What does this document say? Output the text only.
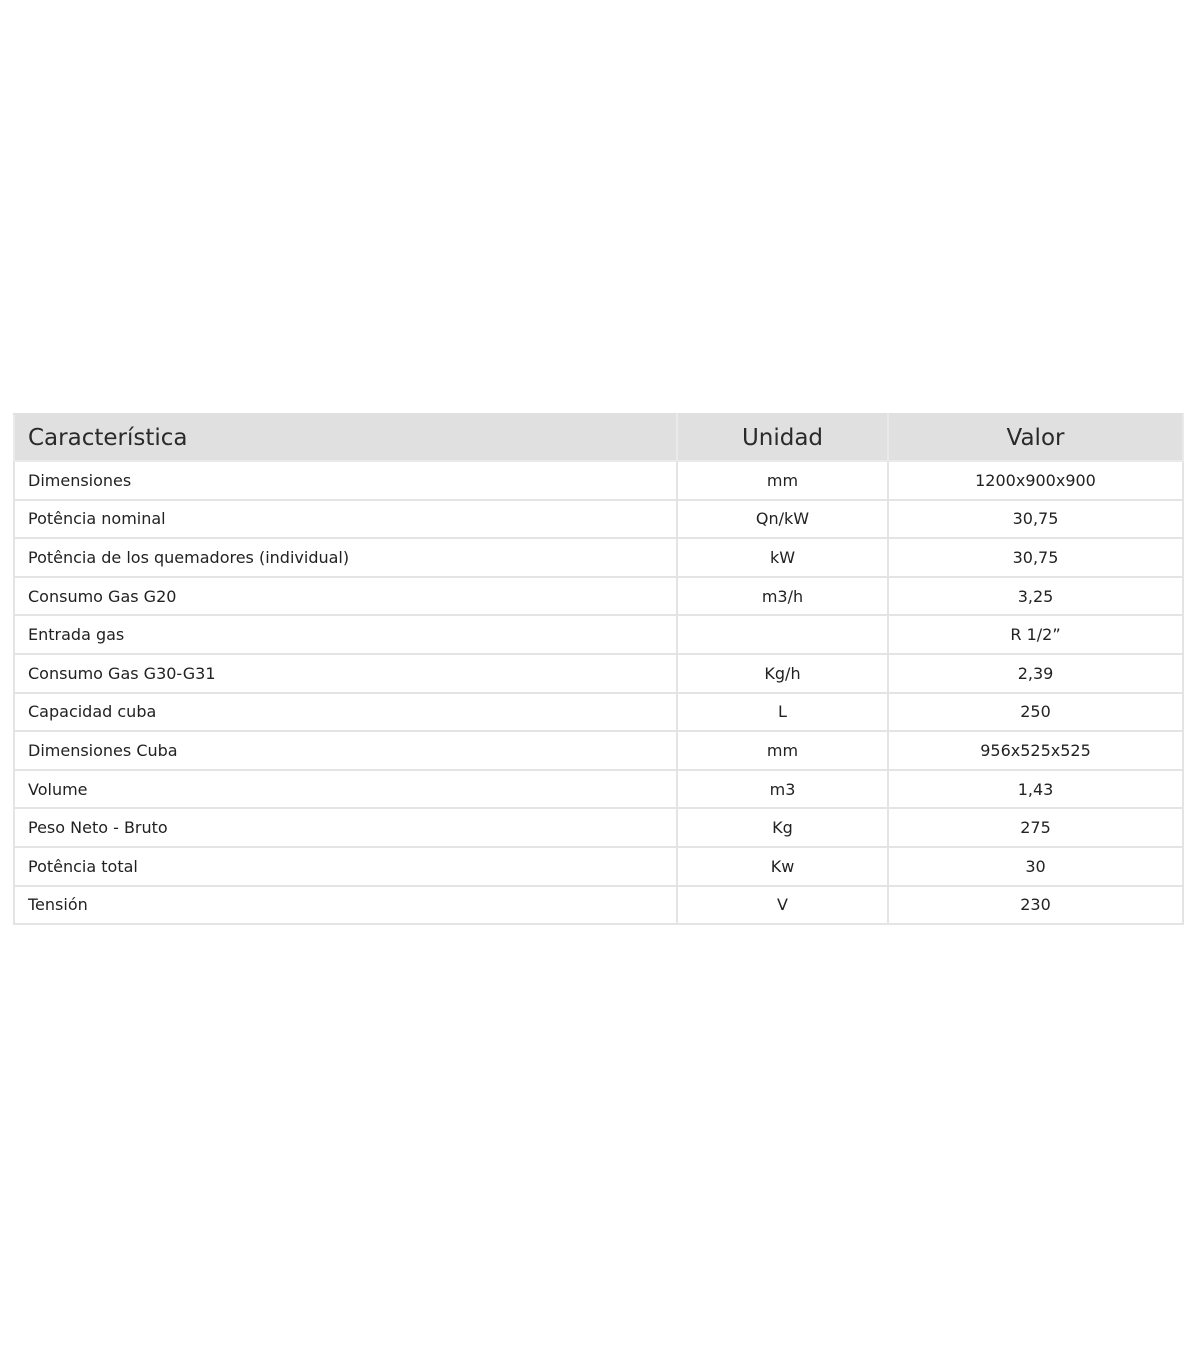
Característica	Unidad	Valor
Dimensiones	mm	1200x900x900
Potência nominal	Qn/kW	30,75
Potência de los quemadores (individual)	kW	30,75
Consumo Gas G20	m3/h	3,25
Entrada gas		R 1/2”
Consumo Gas G30-G31	Kg/h	2,39
Capacidad cuba	L	250
Dimensiones Cuba	mm	956x525x525
Volume	m3	1,43
Peso Neto - Bruto	Kg	275
Potência total	Kw	30
Tensión	V	230
